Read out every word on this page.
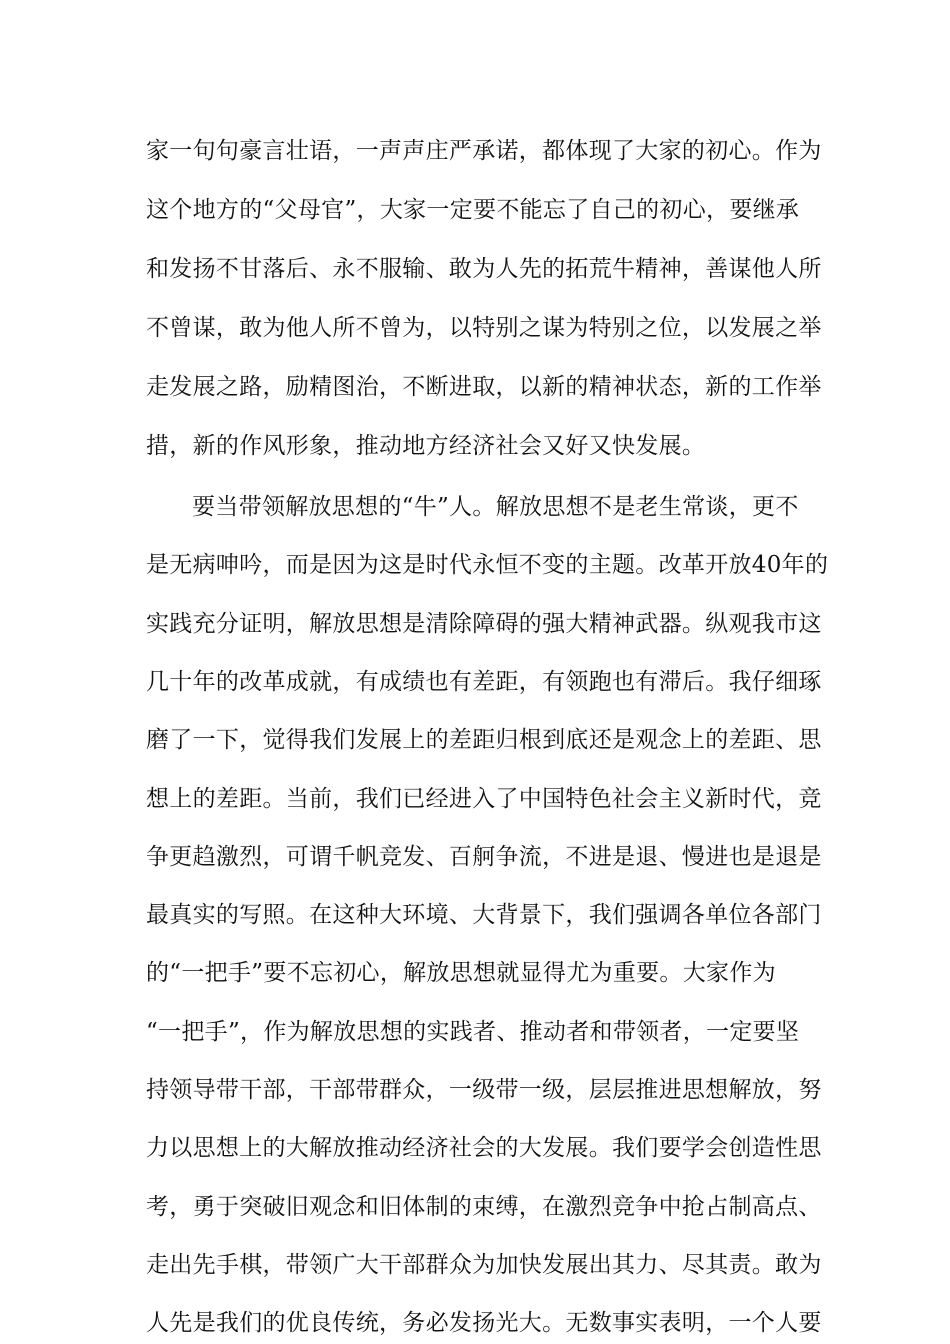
家一句句豪言壮语，一声声庄严承诺，都体现了大家的初心。作为
这个地方的“父母官”，大家一定要不能忘了自己的初心，要继承
和发扬不甘落后、永不服输、敢为人先的拓荒牛精神，善谋他人所
不曾谋，敢为他人所不曾为，以特别之谋为特别之位，以发展之举
走发展之路，励精图治，不断进取，以新的精神状态，新的工作举
措，新的作风形象，推动地方经济社会又好又快发展。
要当带领解放思想的“牛”人。解放思想不是老生常谈，更不
是无病呻吟，而是因为这是时代永恒不变的主题。改革开放40年的
实践充分证明，解放思想是清除障碍的强大精神武器。纵观我市这
几十年的改革成就，有成绩也有差距，有领跑也有滞后。我仔细琢
磨了一下，觉得我们发展上的差距归根到底还是观念上的差距、思
想上的差距。当前，我们已经进入了中国特色社会主义新时代，竞
争更趋激烈，可谓千帆竞发、百舸争流，不进是退、慢进也是退是
最真实的写照。在这种大环境、大背景下，我们强调各单位各部门
的“一把手”要不忘初心，解放思想就显得尤为重要。大家作为
“一把手”，作为解放思想的实践者、推动者和带领者，一定要坚
持领导带干部，干部带群众，一级带一级，层层推进思想解放，努
力以思想上的大解放推动经济社会的大发展。我们要学会创造性思
考，勇于突破旧观念和旧体制的束缚，在激烈竞争中抢占制高点、
走出先手棋，带领广大干部群众为加快发展出其力、尽其责。敢为
人先是我们的优良传统，务必发扬光大。无数事实表明，一个人要
